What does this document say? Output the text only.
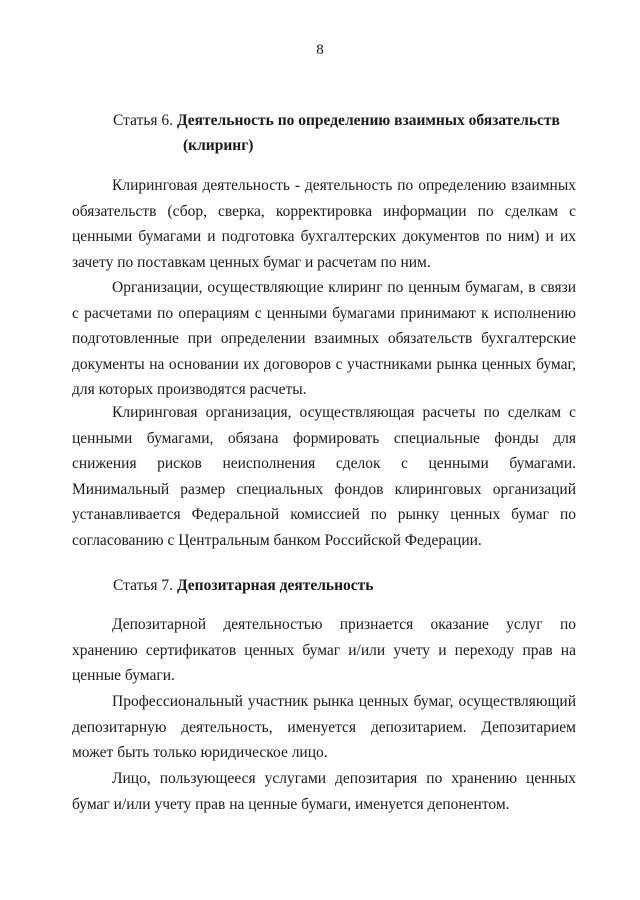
8
Статья 6. Деятельность по определению взаимных обязательств
(клиринг)

Клиринговая деятельность - деятельность по определению взаимных обязательств (сбор, сверка, корректировка информации по сделкам с ценными бумагами и подготовка бухгалтерских документов по ним) и их зачету по поставкам ценных бумаг и расчетам по ним.

Организации, осуществляющие клиринг по ценным бумагам, в связи с расчетами по операциям с ценными бумагами принимают к исполнению подготовленные при определении взаимных обязательств бухгалтерские документы на основании их договоров с участниками рынка ценных бумаг, для которых производятся расчеты.

Клиринговая организация, осуществляющая расчеты по сделкам с ценными бумагами, обязана формировать специальные фонды для снижения рисков неисполнения сделок с ценными бумагами. Минимальный размер специальных фондов клиринговых организаций устанавливается Федеральной комиссией по рынку ценных бумаг по согласованию с Центральным банком Российской Федерации.

Статья 7. Депозитарная деятельность

Депозитарной деятельностью признается оказание услуг по хранению сертификатов ценных бумаг и/или учету и переходу прав на ценные бумаги.

Профессиональный участник рынка ценных бумаг, осуществляющий депозитарную деятельность, именуется депозитарием. Депозитарием может быть только юридическое лицо.

Лицо, пользующееся услугами депозитария по хранению ценных бумаг и/или учету прав на ценные бумаги, именуется депонентом.
